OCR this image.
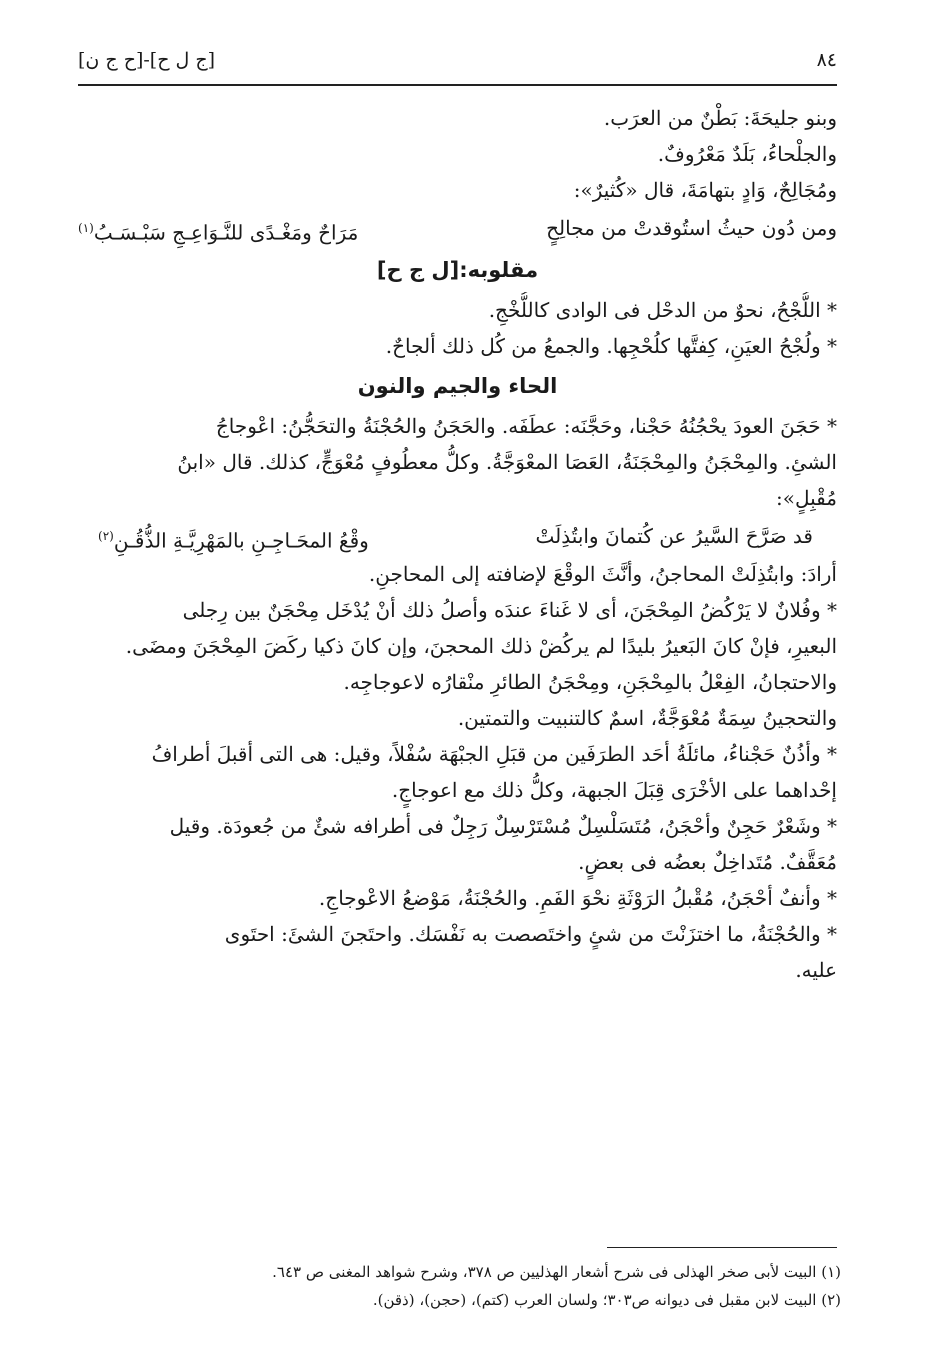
٨٤
[ج ل ح]-[ح ج ن]
وبنو جليحَةَ: بَطْنٌ من العرَب.
والجلْحاءُ، بَلَدٌ مَعْرُوفٌ.
ومُجَالِحٌ، وَادٍ بتهامَةَ، قال «كُثيرٌ»:
ومن دُون حيثُ استُوقدتْ من مجالِحٍ
مَرَاحٌ ومَغْـدًى للنَّـوَاعِـجِ سَبْـسَـبُ$^{(١)}$
مقلوبه:[ل ج ح]
* اللُّجْحُ، نحوٌ من الدحْل فى الوادى كاللُّخْجِ.
* ولُجْحُ العيَنِ، كِفتَّها كلُحْجِها. والجمعُ من كُل ذلك ألجاحٌ.
الحاء والجيم والنون
* حَجَنَ العودَ يحْجُنُهُ حَجْنا، وحَجَّنَه: عطَفَه. والحَجَنُ والحُجْنَةُ والتحَجُّنُ: اعْوجاجُ
الشئِ. والمِحْجَنُ والمِحْجَنَةُ، العَصَا المعْوَجَّةُ. وكلُّ معطُوفٍ مُعْوَجٍّ، كذلك. قال «ابنُ
مُقْبِلٍ»:
قد صَرَّحَ السَّيرُ عن كُتمانَ وابتُذِلَتْ
وقْعُ المحَـاجِـنِ بالمَهْرِيَّـةِ الذُّقُـنِ$^{(٢)}$
أرادَ: وابتُذِلَتْ المحاجنُ، وأنَّثَ الوقْعَ لإضافته إلى المحاجنِ.
* وفُلانٌ لا يَرْكُضُ المِحْجَنَ، أى لا غَناءَ عندَه وأصلُ ذلك أنْ يُدْخَل مِحْجَنٌ بين رِجلى
البعيرِ، فإنْ كانَ البَعيرُ بليدًا لم يركُضْ ذلك المحجنَ، وإن كانَ ذكيا ركَضَ المِحْجَنَ ومضَى.
والاحتجانُ، الفِعْلُ بالمِحْجَنِ، ومِحْجَنُ الطائرِ منْقارُه لاعوجاجِه.
والتحجينُ سِمَةٌ مُعْوَجَّةٌ، اسمٌ كالتنبيت والتمتين.
* وأذُنٌ حَجْناءُ، مائلَةُ أحَد الطرَفَين من قبَلِ الجبْهَة سُفْلاً، وقيل: هى التى أقبلَ أطرافُ
إحْداهما على الأخْرَى قِبَلَ الجبهة، وكلُّ ذلك مع اعوجاجٍ.
* وشَعْرٌ حَجِنٌ وأحْجَنُ، مُتَسَلْسِلٌ مُسْتَرْسِلٌ رَجِلٌ فى أطرافه شئٌ من جُعودَة. وقيل
مُعَقَّفٌ. مُتَداخِلٌ بعضُه فى بعضٍ.
* وأنفٌ أحْجَنُ، مُقْبلُ الرَوْثَةِ نحْوَ الفَمِ. والحُجْنَةُ، مَوْضعُ الاعْوجاجِ.
* والحُجْنَةُ، ما اختزَنْتَ من شئٍ واختَصصت به نَفْسَك. واحتَجنَ الشئَ: احتَوى
عليه.
(١) البيت لأبى صخر الهذلى فى شرح أشعار الهذليين ص ٣٧٨، وشرح شواهد المغنى ص ٦٤٣.
(٢) البيت لابن مقبل فى ديوانه ص٣٠٣؛ ولسان العرب (كتم)، (حجن)، (ذقن).
